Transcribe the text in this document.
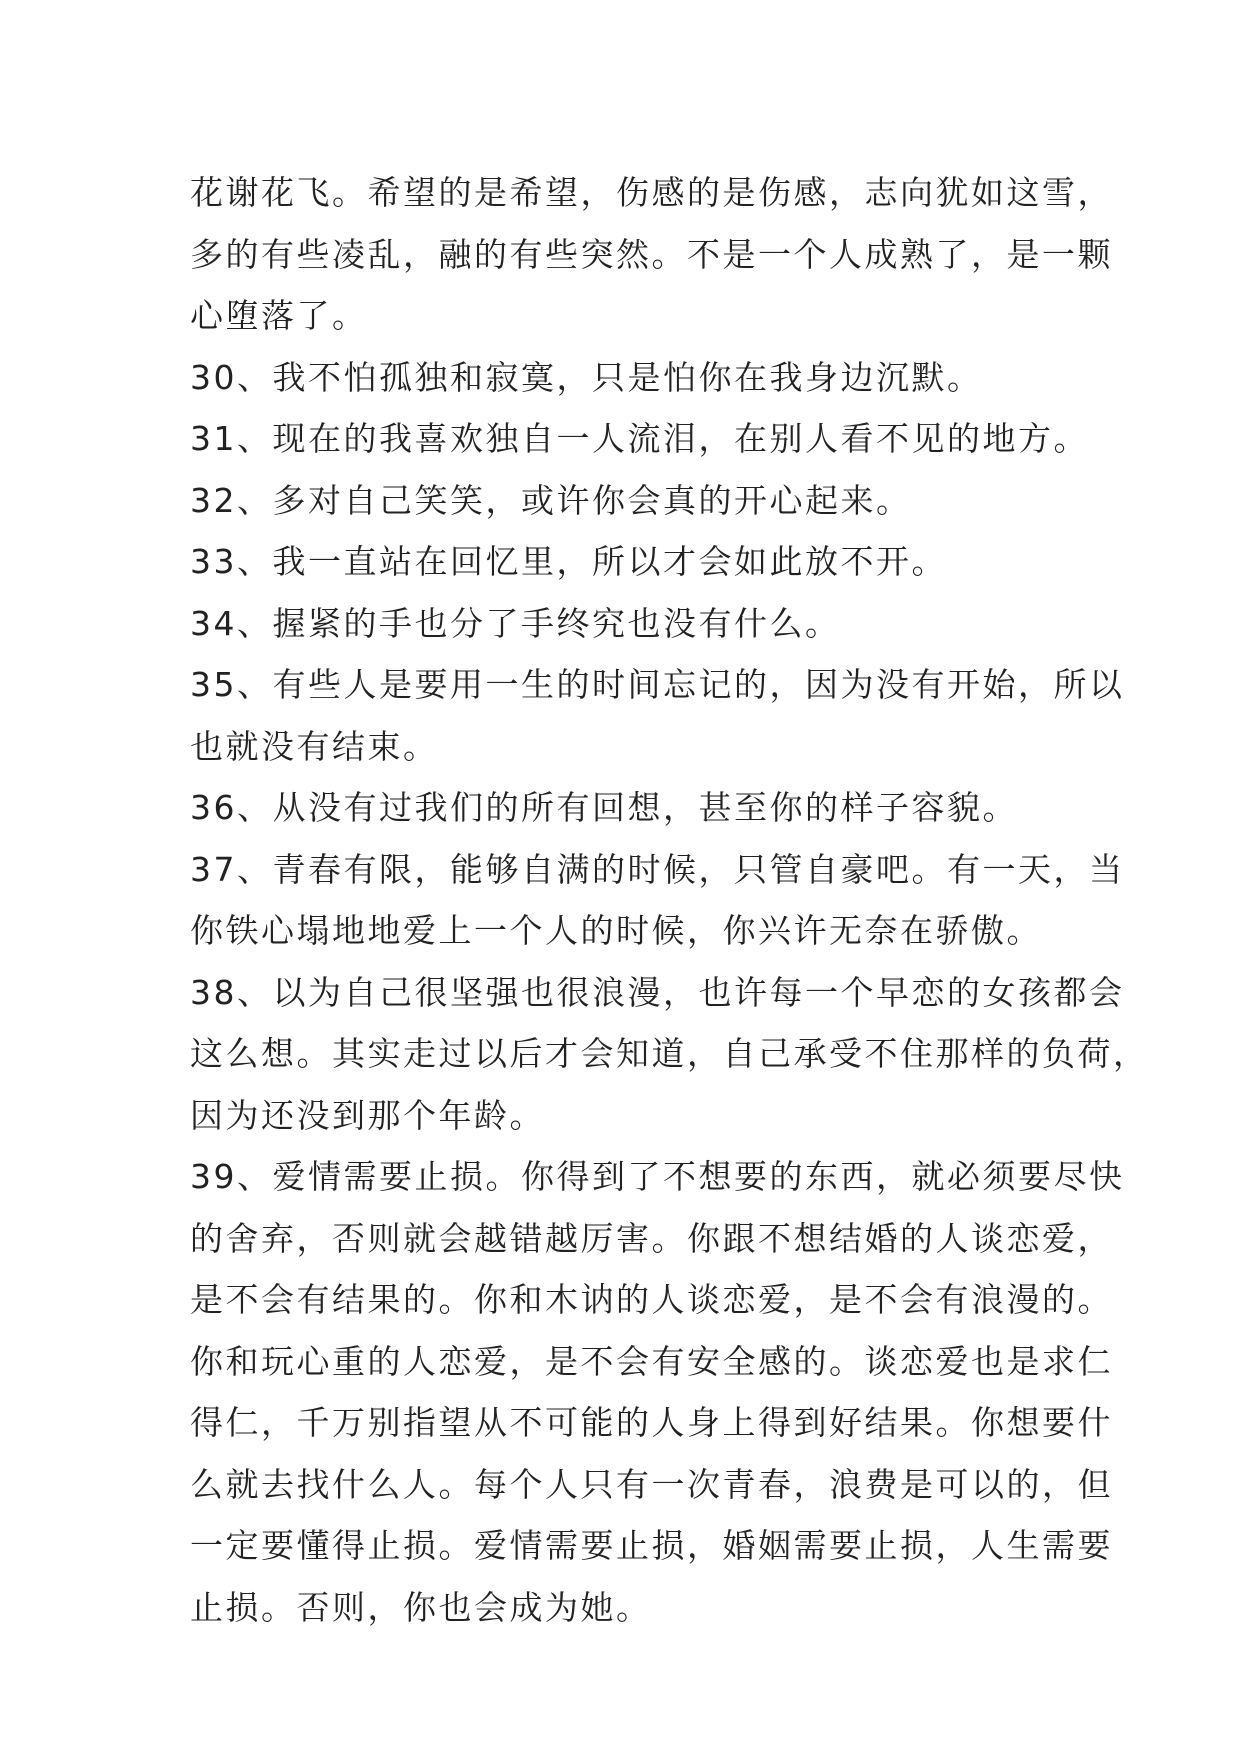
花谢花飞。希望的是希望，伤感的是伤感，志向犹如这雪，
多的有些凌乱，融的有些突然。不是一个人成熟了，是一颗
心堕落了。
30、我不怕孤独和寂寞，只是怕你在我身边沉默。
31、现在的我喜欢独自一人流泪，在别人看不见的地方。
32、多对自己笑笑，或许你会真的开心起来。
33、我一直站在回忆里，所以才会如此放不开。
34、握紧的手也分了手终究也没有什么。
35、有些人是要用一生的时间忘记的，因为没有开始，所以
也就没有结束。
36、从没有过我们的所有回想，甚至你的样子容貌。
37、青春有限，能够自满的时候，只管自豪吧。有一天，当
你铁心塌地地爱上一个人的时候，你兴许无奈在骄傲。
38、以为自己很坚强也很浪漫，也许每一个早恋的女孩都会
这么想。其实走过以后才会知道，自己承受不住那样的负荷，
因为还没到那个年龄。
39、爱情需要止损。你得到了不想要的东西，就必须要尽快
的舍弃，否则就会越错越厉害。你跟不想结婚的人谈恋爱，
是不会有结果的。你和木讷的人谈恋爱，是不会有浪漫的。
你和玩心重的人恋爱，是不会有安全感的。谈恋爱也是求仁
得仁，千万别指望从不可能的人身上得到好结果。你想要什
么就去找什么人。每个人只有一次青春，浪费是可以的，但
一定要懂得止损。爱情需要止损，婚姻需要止损，人生需要
止损。否则，你也会成为她。
